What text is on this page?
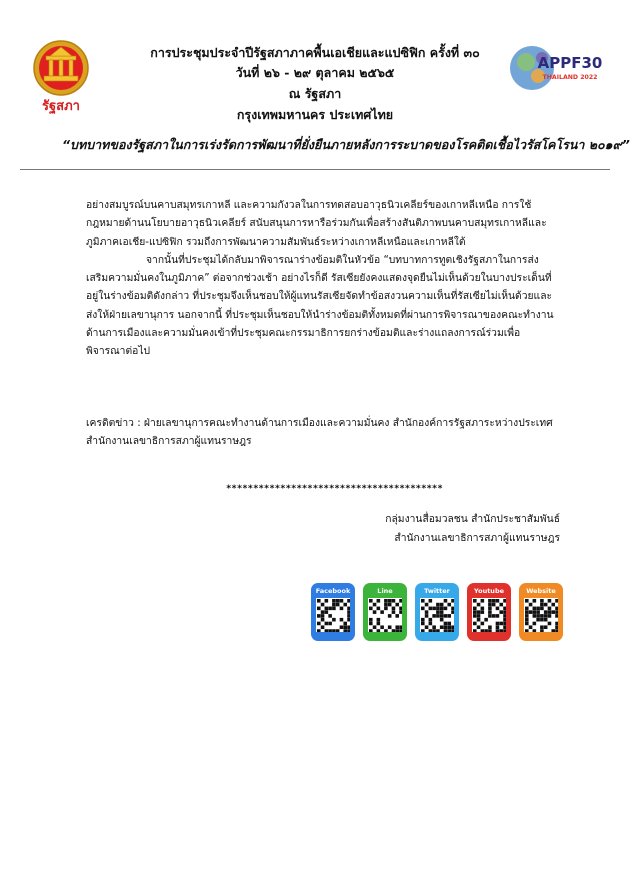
รัฐสภา
APPF30
THAILAND 2022
การประชุมประจำปีรัฐสภาภาคพื้นเอเชียและแปซิฟิก ครั้งที่ ๓๐
วันที่ ๒๖ - ๒๙ ตุลาคม ๒๕๖๕
ณ รัฐสภา
กรุงเทพมหานคร ประเทศไทย
“บทบาทของรัฐสภาในการเร่งรัดการพัฒนาที่ยั่งยืนภายหลังการระบาดของโรคติดเชื้อไวรัสโคโรนา ๒๐๑๙”

อย่างสมบูรณ์บนคาบสมุทรเกาหลี และความกังวลในการทดสอบอาวุธนิวเคลียร์ของเกาหลีเหนือ การใช้กฎหมายด้านนโยบายอาวุธนิวเคลียร์ สนับสนุนการหารือร่วมกันเพื่อสร้างสันติภาพบนคาบสมุทรเกาหลีและภูมิภาคเอเชีย-แปซิฟิก รวมถึงการพัฒนาความสัมพันธ์ระหว่างเกาหลีเหนือและเกาหลีใต้

จากนั้นที่ประชุมได้กลับมาพิจารณาร่างข้อมติในหัวข้อ “บทบาทการทูตเชิงรัฐสภาในการส่งเสริมความมั่นคงในภูมิภาค” ต่อจากช่วงเช้า อย่างไรก็ดี รัสเซียยังคงแสดงจุดยืนไม่เห็นด้วยในบางประเด็นที่อยู่ในร่างข้อมติดังกล่าว ที่ประชุมจึงเห็นชอบให้ผู้แทนรัสเซียจัดทำข้อสงวนความเห็นที่รัสเซียไม่เห็นด้วยและส่งให้ฝ่ายเลขานุการ นอกจากนี้ ที่ประชุมเห็นชอบให้นำร่างข้อมติทั้งหมดที่ผ่านการพิจารณาของคณะทำงานด้านการเมืองและความมั่นคงเข้าที่ประชุมคณะกรรมาธิการยกร่างข้อมติและร่างแถลงการณ์ร่วมเพื่อพิจารณาต่อไป

เครดิตข่าว : ฝ่ายเลขานุการคณะทำงานด้านการเมืองและความมั่นคง สำนักองค์การรัฐสภาระหว่างประเทศ

สำนักงานเลขาธิการสภาผู้แทนราษฎร

****************************************

กลุ่มงานสื่อมวลชน สำนักประชาสัมพันธ์

สำนักงานเลขาธิการสภาผู้แทนราษฎร

Facebook	Line	Twitter	Youtube	Website
